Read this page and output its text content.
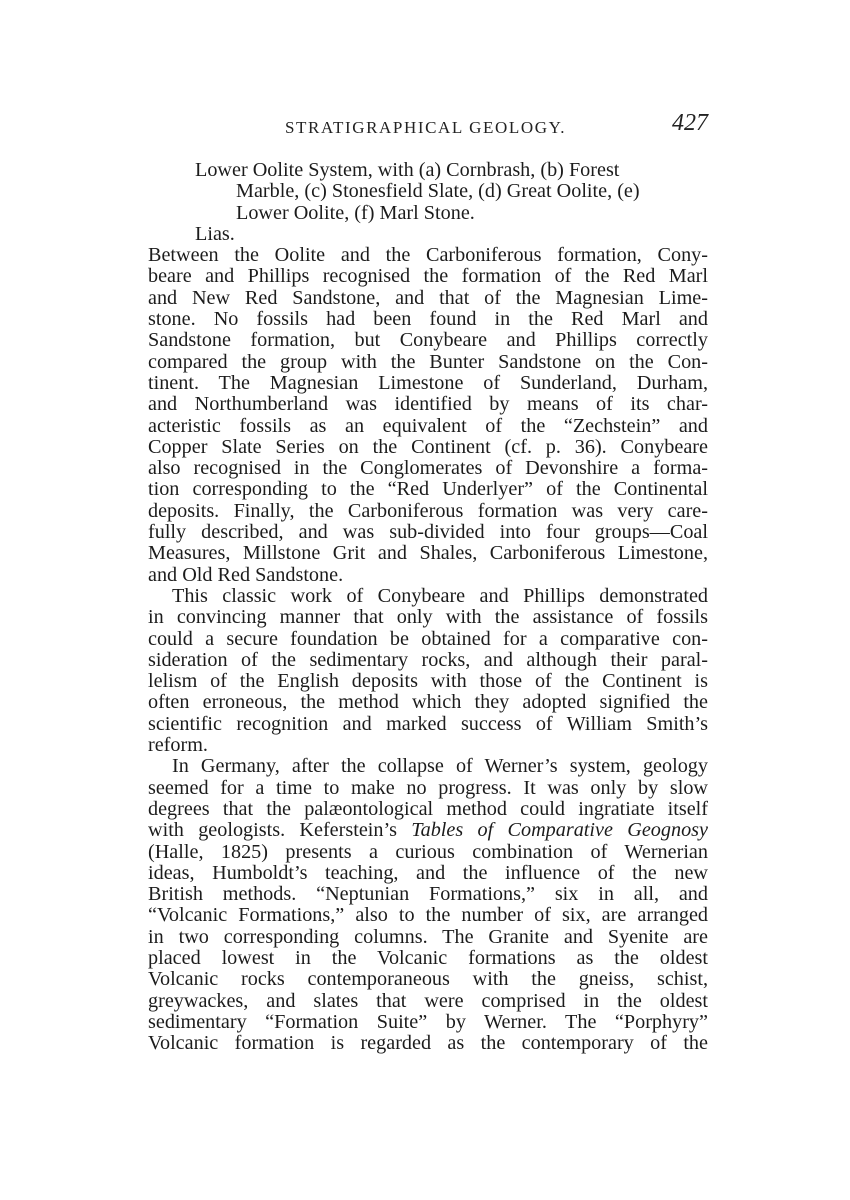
STRATIGRAPHICAL GEOLOGY.	427
Lower Oolite System, with (a) Cornbrash, (b) Forest
Marble, (c) Stonesfield Slate, (d) Great Oolite, (e)
Lower Oolite, (f) Marl Stone.
Lias.
Between the Oolite and the Carboniferous formation, Cony-
beare and Phillips recognised the formation of the Red Marl
and New Red Sandstone, and that of the Magnesian Lime-
stone. No fossils had been found in the Red Marl and
Sandstone formation, but Conybeare and Phillips correctly
compared the group with the Bunter Sandstone on the Con-
tinent. The Magnesian Limestone of Sunderland, Durham,
and Northumberland was identified by means of its char-
acteristic fossils as an equivalent of the “Zechstein” and
Copper Slate Series on the Continent (cf. p. 36). Conybeare
also recognised in the Conglomerates of Devonshire a forma-
tion corresponding to the “Red Underlyer” of the Continental
deposits. Finally, the Carboniferous formation was very care-
fully described, and was sub-divided into four groups—Coal
Measures, Millstone Grit and Shales, Carboniferous Limestone,
and Old Red Sandstone.
This classic work of Conybeare and Phillips demonstrated
in convincing manner that only with the assistance of fossils
could a secure foundation be obtained for a comparative con-
sideration of the sedimentary rocks, and although their paral-
lelism of the English deposits with those of the Continent is
often erroneous, the method which they adopted signified the
scientific recognition and marked success of William Smith’s
reform.
In Germany, after the collapse of Werner’s system, geology
seemed for a time to make no progress. It was only by slow
degrees that the palæontological method could ingratiate itself
with geologists. Keferstein’s Tables of Comparative Geognosy
(Halle, 1825) presents a curious combination of Wernerian
ideas, Humboldt’s teaching, and the influence of the new
British methods. “Neptunian Formations,” six in all, and
“Volcanic Formations,” also to the number of six, are arranged
in two corresponding columns. The Granite and Syenite are
placed lowest in the Volcanic formations as the oldest
Volcanic rocks contemporaneous with the gneiss, schist,
greywackes, and slates that were comprised in the oldest
sedimentary “Formation Suite” by Werner. The “Porphyry”
Volcanic formation is regarded as the contemporary of the
